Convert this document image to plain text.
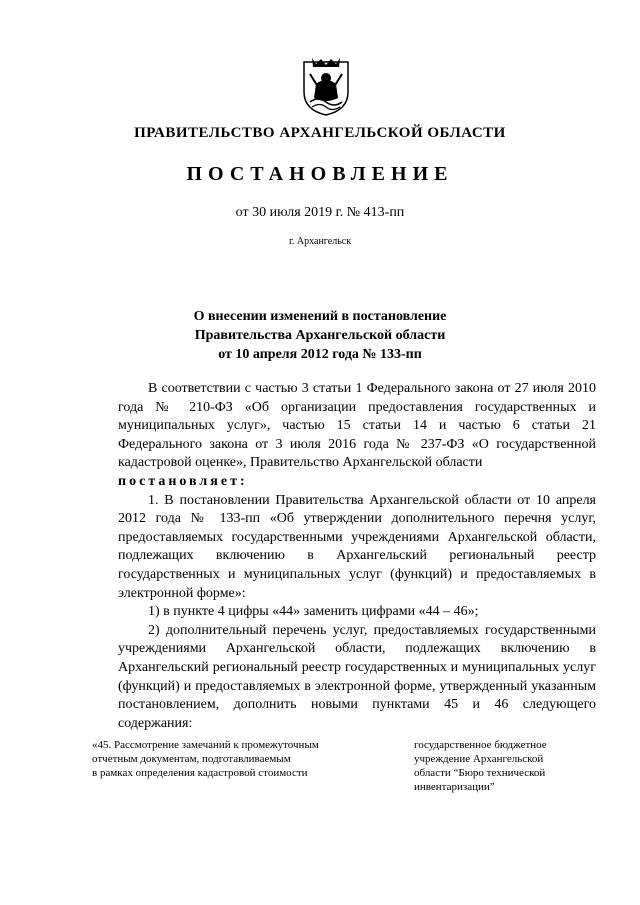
ПРАВИТЕЛЬСТВО АРХАНГЕЛЬСКОЙ ОБЛАСТИ
ПОСТАНОВЛЕНИЕ
от 30 июля 2019 г. № 413-пп
г. Архангельск
О внесении изменений в постановление
Правительства Архангельской области
от 10 апреля 2012 года № 133-пп

В соответствии с частью 3 статьи 1 Федерального закона от 27 июля 2010 года № 210-ФЗ «Об организации предоставления государственных и муниципальных услуг», частью 15 статьи 14 и частью 6 статьи 21 Федерального закона от 3 июля 2016 года № 237-ФЗ «О государственной кадастровой оценке», Правительство Архангельской области

постановляет:

1. В постановлении Правительства Архангельской области от 10 апреля 2012 года № 133-пп «Об утверждении дополнительного перечня услуг, предоставляемых государственными учреждениями Архангельской области, подлежащих включению в Архангельский региональный реестр государственных и муниципальных услуг (функций) и предоставляемых в электронной форме»:

1) в пункте 4 цифры «44» заменить цифрами «44 – 46»;

2) дополнительный перечень услуг, предоставляемых государственными учреждениями Архангельской области, подлежащих включению в Архангельский региональный реестр государственных и муниципальных услуг (функций) и предоставляемых в электронной форме, утвержденный указанным постановлением, дополнить новыми пунктами 45 и 46 следующего содержания:

«45. Рассмотрение замечаний к промежуточным
отчетным документам, подготавливаемым
в рамках определения кадастровой стоимости
государственное бюджетное
учреждение Архангельской
области “Бюро технической
инвентаризации”
